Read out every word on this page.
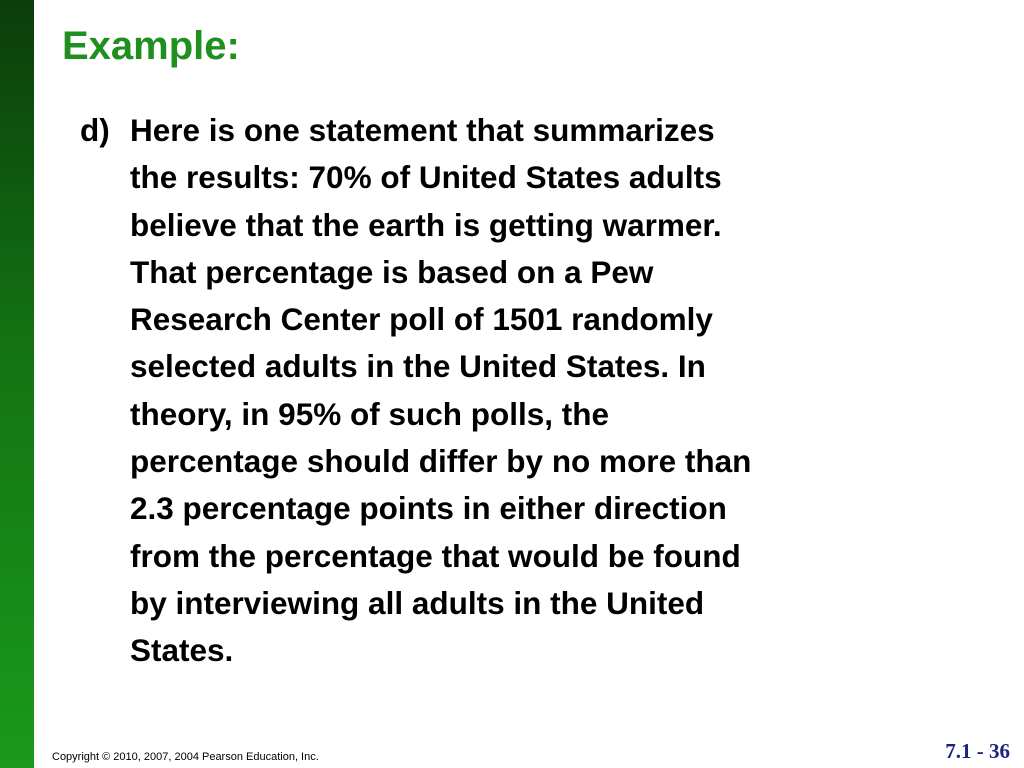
Example:
d) Here is one statement that summarizes
the results: 70% of United States adults
believe that the earth is getting warmer.
That percentage is based on a Pew
Research Center poll of 1501 randomly
selected adults in the United States. In
theory, in 95% of such polls, the
percentage should differ by no more than
2.3 percentage points in either direction
from the percentage that would be found
by interviewing all adults in the United
States.
Copyright © 2010, 2007, 2004 Pearson Education, Inc.	7.1 - 36
